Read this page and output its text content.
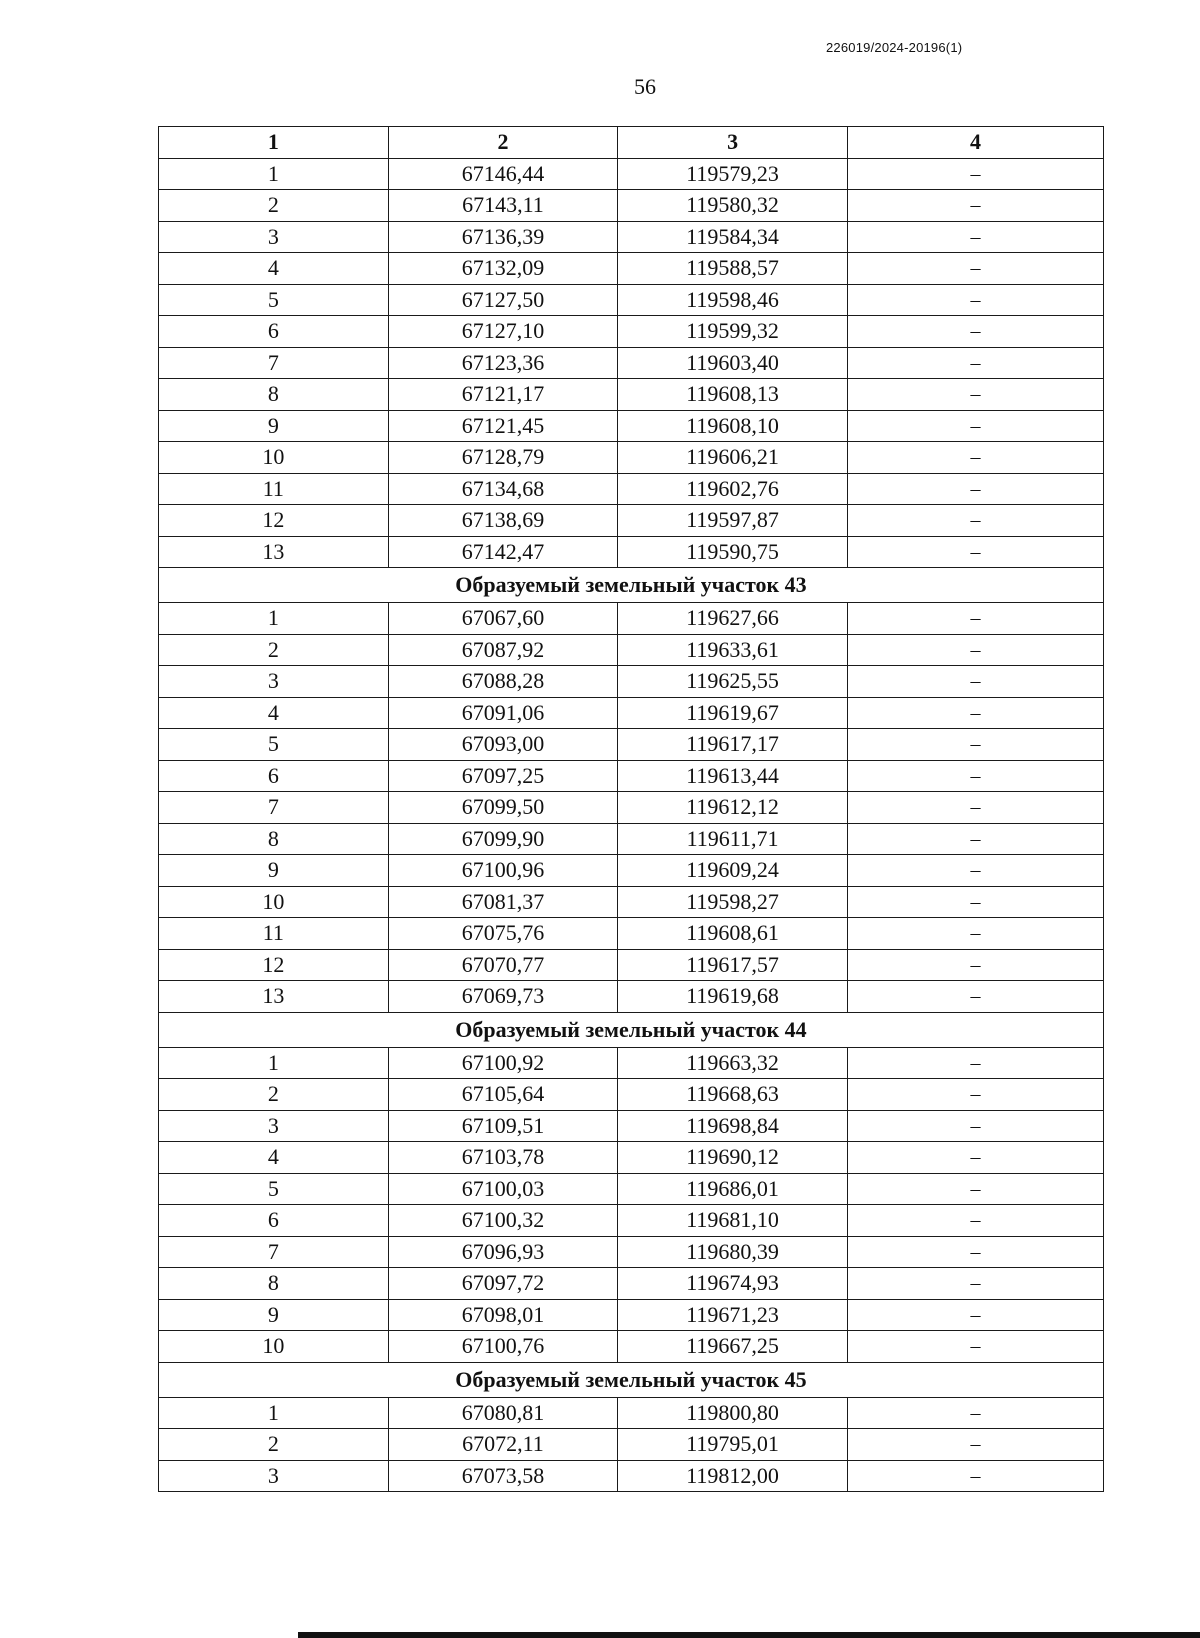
226019/2024-20196(1)
56
1	2	3	4
1	67146,44	119579,23	–
2	67143,11	119580,32	–
3	67136,39	119584,34	–
4	67132,09	119588,57	–
5	67127,50	119598,46	–
6	67127,10	119599,32	–
7	67123,36	119603,40	–
8	67121,17	119608,13	–
9	67121,45	119608,10	–
10	67128,79	119606,21	–
11	67134,68	119602,76	–
12	67138,69	119597,87	–
13	67142,47	119590,75	–
Образуемый земельный участок 43			
1	67067,60	119627,66	–
2	67087,92	119633,61	–
3	67088,28	119625,55	–
4	67091,06	119619,67	–
5	67093,00	119617,17	–
6	67097,25	119613,44	–
7	67099,50	119612,12	–
8	67099,90	119611,71	–
9	67100,96	119609,24	–
10	67081,37	119598,27	–
11	67075,76	119608,61	–
12	67070,77	119617,57	–
13	67069,73	119619,68	–
Образуемый земельный участок 44			
1	67100,92	119663,32	–
2	67105,64	119668,63	–
3	67109,51	119698,84	–
4	67103,78	119690,12	–
5	67100,03	119686,01	–
6	67100,32	119681,10	–
7	67096,93	119680,39	–
8	67097,72	119674,93	–
9	67098,01	119671,23	–
10	67100,76	119667,25	–
Образуемый земельный участок 45			
1	67080,81	119800,80	–
2	67072,11	119795,01	–
3	67073,58	119812,00	–
